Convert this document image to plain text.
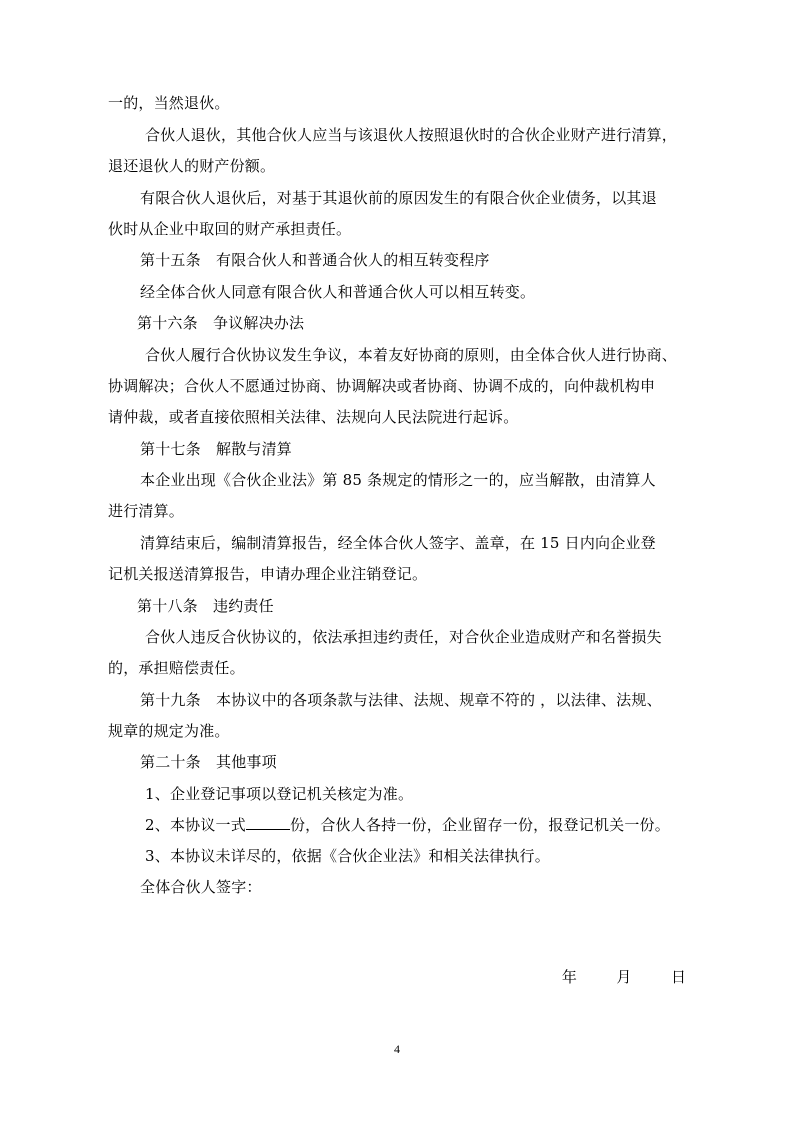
一的，当然退伙。
合伙人退伙，其他合伙人应当与该退伙人按照退伙时的合伙企业财产进行清算，
退还退伙人的财产份额。
有限合伙人退伙后，对基于其退伙前的原因发生的有限合伙企业债务，以其退
伙时从企业中取回的财产承担责任。
第十五条　有限合伙人和普通合伙人的相互转变程序
经全体合伙人同意有限合伙人和普通合伙人可以相互转变。
第十六条　争议解决办法
合伙人履行合伙协议发生争议，本着友好协商的原则，由全体合伙人进行协商、
协调解决；合伙人不愿通过协商、协调解决或者协商、协调不成的，向仲裁机构申
请仲裁，或者直接依照相关法律、法规向人民法院进行起诉。
第十七条　解散与清算
本企业出现《合伙企业法》第 85 条规定的情形之一的，应当解散，由清算人
进行清算。
清算结束后，编制清算报告，经全体合伙人签字、盖章，在 15 日内向企业登
记机关报送清算报告，申请办理企业注销登记。
第十八条　违约责任
合伙人违反合伙协议的，依法承担违约责任，对合伙企业造成财产和名誉损失
的，承担赔偿责任。
第十九条　本协议中的各项条款与法律、法规、规章不符的 ，以法律、法规、
规章的规定为准。
第二十条　其他事项
1、企业登记事项以登记机关核定为准。
2、本协议一式	份，合伙人各持一份，企业留存一份，报登记机关一份。
3、本协议未详尽的，依据《合伙企业法》和相关法律执行。
全体合伙人签字：
年	月	日
4
